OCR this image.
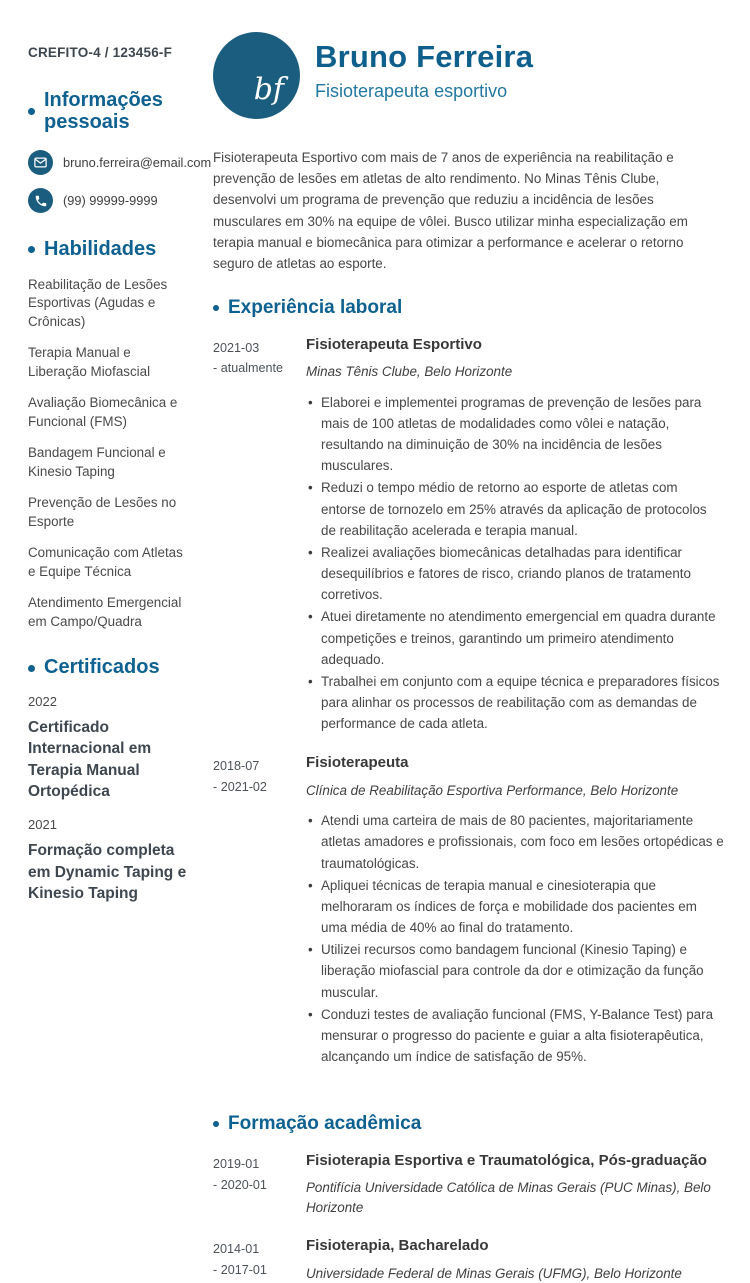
CREFITO-4 / 123456-F
Informações pessoais
bruno.ferreira@email.com
(99) 99999-9999
Habilidades
Reabilitação de Lesões Esportivas (Agudas e Crônicas)
Terapia Manual e Liberação Miofascial
Avaliação Biomecânica e Funcional (FMS)
Bandagem Funcional e Kinesio Taping
Prevenção de Lesões no Esporte
Comunicação com Atletas e Equipe Técnica
Atendimento Emergencial em Campo/Quadra
Certificados
2022
Certificado Internacional em Terapia Manual Ortopédica
2021
Formação completa em Dynamic Taping e Kinesio Taping
bf
Bruno Ferreira
Fisioterapeuta esportivo

Fisioterapeuta Esportivo com mais de 7 anos de experiência na reabilitação e prevenção de lesões em atletas de alto rendimento. No Minas Tênis Clube, desenvolvi um programa de prevenção que reduziu a incidência de lesões musculares em 30% na equipe de vôlei. Busco utilizar minha especialização em terapia manual e biomecânica para otimizar a performance e acelerar o retorno seguro de atletas ao esporte.

Experiência laboral
2021-03
- atualmente
Fisioterapeuta Esportivo
Minas Tênis Clube, Belo Horizonte
• Elaborei e implementei programas de prevenção de lesões para mais de 100 atletas de modalidades como vôlei e natação, resultando na diminuição de 30% na incidência de lesões musculares.
• Reduzi o tempo médio de retorno ao esporte de atletas com entorse de tornozelo em 25% através da aplicação de protocolos de reabilitação acelerada e terapia manual.
• Realizei avaliações biomecânicas detalhadas para identificar desequilíbrios e fatores de risco, criando planos de tratamento corretivos.
• Atuei diretamente no atendimento emergencial em quadra durante competições e treinos, garantindo um primeiro atendimento adequado.
• Trabalhei em conjunto com a equipe técnica e preparadores físicos para alinhar os processos de reabilitação com as demandas de performance de cada atleta.
2018-07
- 2021-02
Fisioterapeuta
Clínica de Reabilitação Esportiva Performance, Belo Horizonte
• Atendi uma carteira de mais de 80 pacientes, majoritariamente atletas amadores e profissionais, com foco em lesões ortopédicas e traumatológicas.
• Apliquei técnicas de terapia manual e cinesioterapia que melhoraram os índices de força e mobilidade dos pacientes em uma média de 40% ao final do tratamento.
• Utilizei recursos como bandagem funcional (Kinesio Taping) e liberação miofascial para controle da dor e otimização da função muscular.
• Conduzi testes de avaliação funcional (FMS, Y-Balance Test) para mensurar o progresso do paciente e guiar a alta fisioterapêutica, alcançando um índice de satisfação de 95%.
Formação acadêmica
2019-01
- 2020-01
Fisioterapia Esportiva e Traumatológica, Pós-graduação
Pontifícia Universidade Católica de Minas Gerais (PUC Minas), Belo Horizonte
2014-01
- 2017-01
Fisioterapia, Bacharelado
Universidade Federal de Minas Gerais (UFMG), Belo Horizonte
